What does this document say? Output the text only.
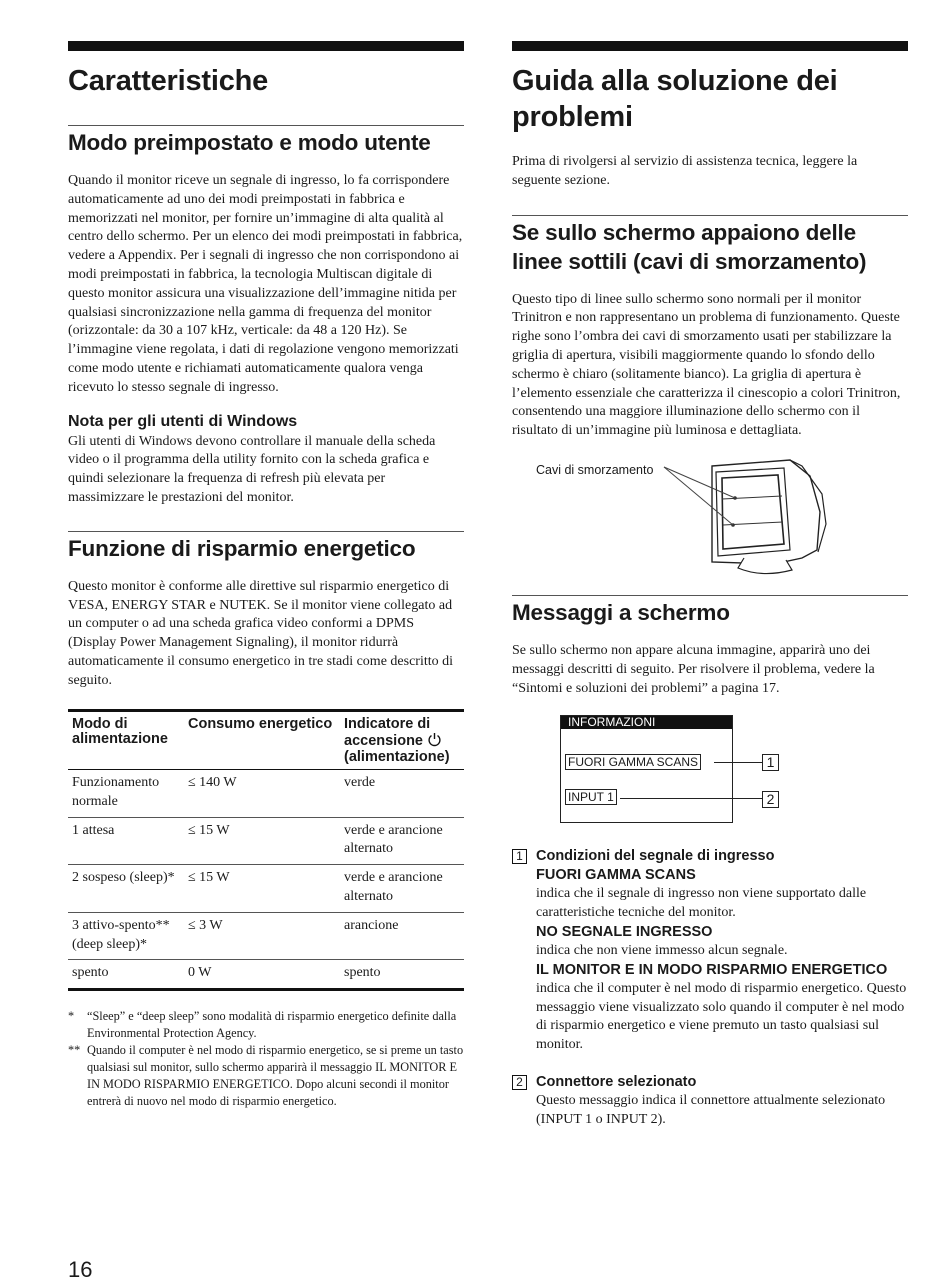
Caratteristiche
Modo preimpostato e modo utente

Quando il monitor riceve un segnale di ingresso, lo fa corrispondere automaticamente ad uno dei modi preimpostati in fabbrica e memorizzati nel monitor, per fornire un’immagine di alta qualità al centro dello schermo. Per un elenco dei modi preimpostati in fabbrica, vedere a Appendix. Per i segnali di ingresso che non corrispondono ai modi preimpostati in fabbrica, la tecnologia Multiscan digitale di questo monitor assicura una visualizzazione dell’immagine nitida per qualsiasi sincronizzazione nella gamma di frequenza del monitor (orizzontale: da 30 a 107 kHz, verticale: da 48 a 120 Hz). Se l’immagine viene regolata, i dati di regolazione vengono memorizzati come modo utente e richiamati automaticamente qualora venga ricevuto lo stesso segnale di ingresso.

Nota per gli utenti di Windows

Gli utenti di Windows devono controllare il manuale della scheda video o il programma della utility fornito con la scheda grafica e quindi selezionare la frequenza di refresh più elevata per massimizzare le prestazioni del monitor.

Funzione di risparmio energetico

Questo monitor è conforme alle direttive sul risparmio energetico di VESA, ENERGY STAR e NUTEK. Se il monitor viene collegato ad un computer o ad una scheda grafica video conformi a DPMS (Display Power Management Signaling), il monitor ridurrà automaticamente il consumo energetico in tre stadi come descritto di seguito.

Modo di alimentazione	Consumo energetico	Indicatore di accensione
(alimentazione)
Funzionamento normale	≤ 140 W	verde
1 attesa	≤ 15 W	verde e arancione alternato
2 sospeso (sleep)*	≤ 15 W	verde e arancione alternato
3 attivo-spento** (deep sleep)*	≤ 3 W	arancione
spento	0 W	spento

* “Sleep” e “deep sleep” sono modalità di risparmio energetico definite dalla Environmental Protection Agency.

** Quando il computer è nel modo di risparmio energetico, se si preme un tasto qualsiasi sul monitor, sullo schermo apparirà il messaggio IL MONITOR E IN MODO RISPARMIO ENERGETICO. Dopo alcuni secondi il monitor entrerà di nuovo nel modo di risparmio energetico.

Guida alla soluzione dei problemi

Prima di rivolgersi al servizio di assistenza tecnica, leggere la seguente sezione.

Se sullo schermo appaiono delle linee sottili (cavi di smorzamento)

Questo tipo di linee sullo schermo sono normali per il monitor Trinitron e non rappresentano un problema di funzionamento. Queste righe sono l’ombra dei cavi di smorzamento usati per stabilizzare la griglia di apertura, visibili maggiormente quando lo sfondo dello schermo è chiaro (solitamente bianco). La griglia di apertura è l’elemento essenziale che caratterizza il cinescopio a colori Trinitron, consentendo una maggiore illuminazione dello schermo con il risultato di un’immagine più luminosa e dettagliata.

Cavi di smorzamento
Messaggi a schermo

Se sullo schermo non appare alcuna immagine, apparirà uno dei messaggi descritti di seguito. Per risolvere il problema, vedere la “Sintomi e soluzioni dei problemi” a pagina 17.

INFORMAZIONI
FUORI GAMMA SCANS
INPUT 1
1
2
1 Condizioni del segnale di ingresso
FUORI GAMMA SCANS

indica che il segnale di ingresso non viene supportato dalle caratteristiche tecniche del monitor.

NO SEGNALE INGRESSO

indica che non viene immesso alcun segnale.

IL MONITOR E IN MODO RISPARMIO ENERGETICO

indica che il computer è nel modo di risparmio energetico. Questo messaggio viene visualizzato solo quando il computer è nel modo di risparmio energetico e viene premuto un tasto qualsiasi sul monitor.

2 Connettore selezionato

Questo messaggio indica il connettore attualmente selezionato (INPUT 1 o INPUT 2).

16
